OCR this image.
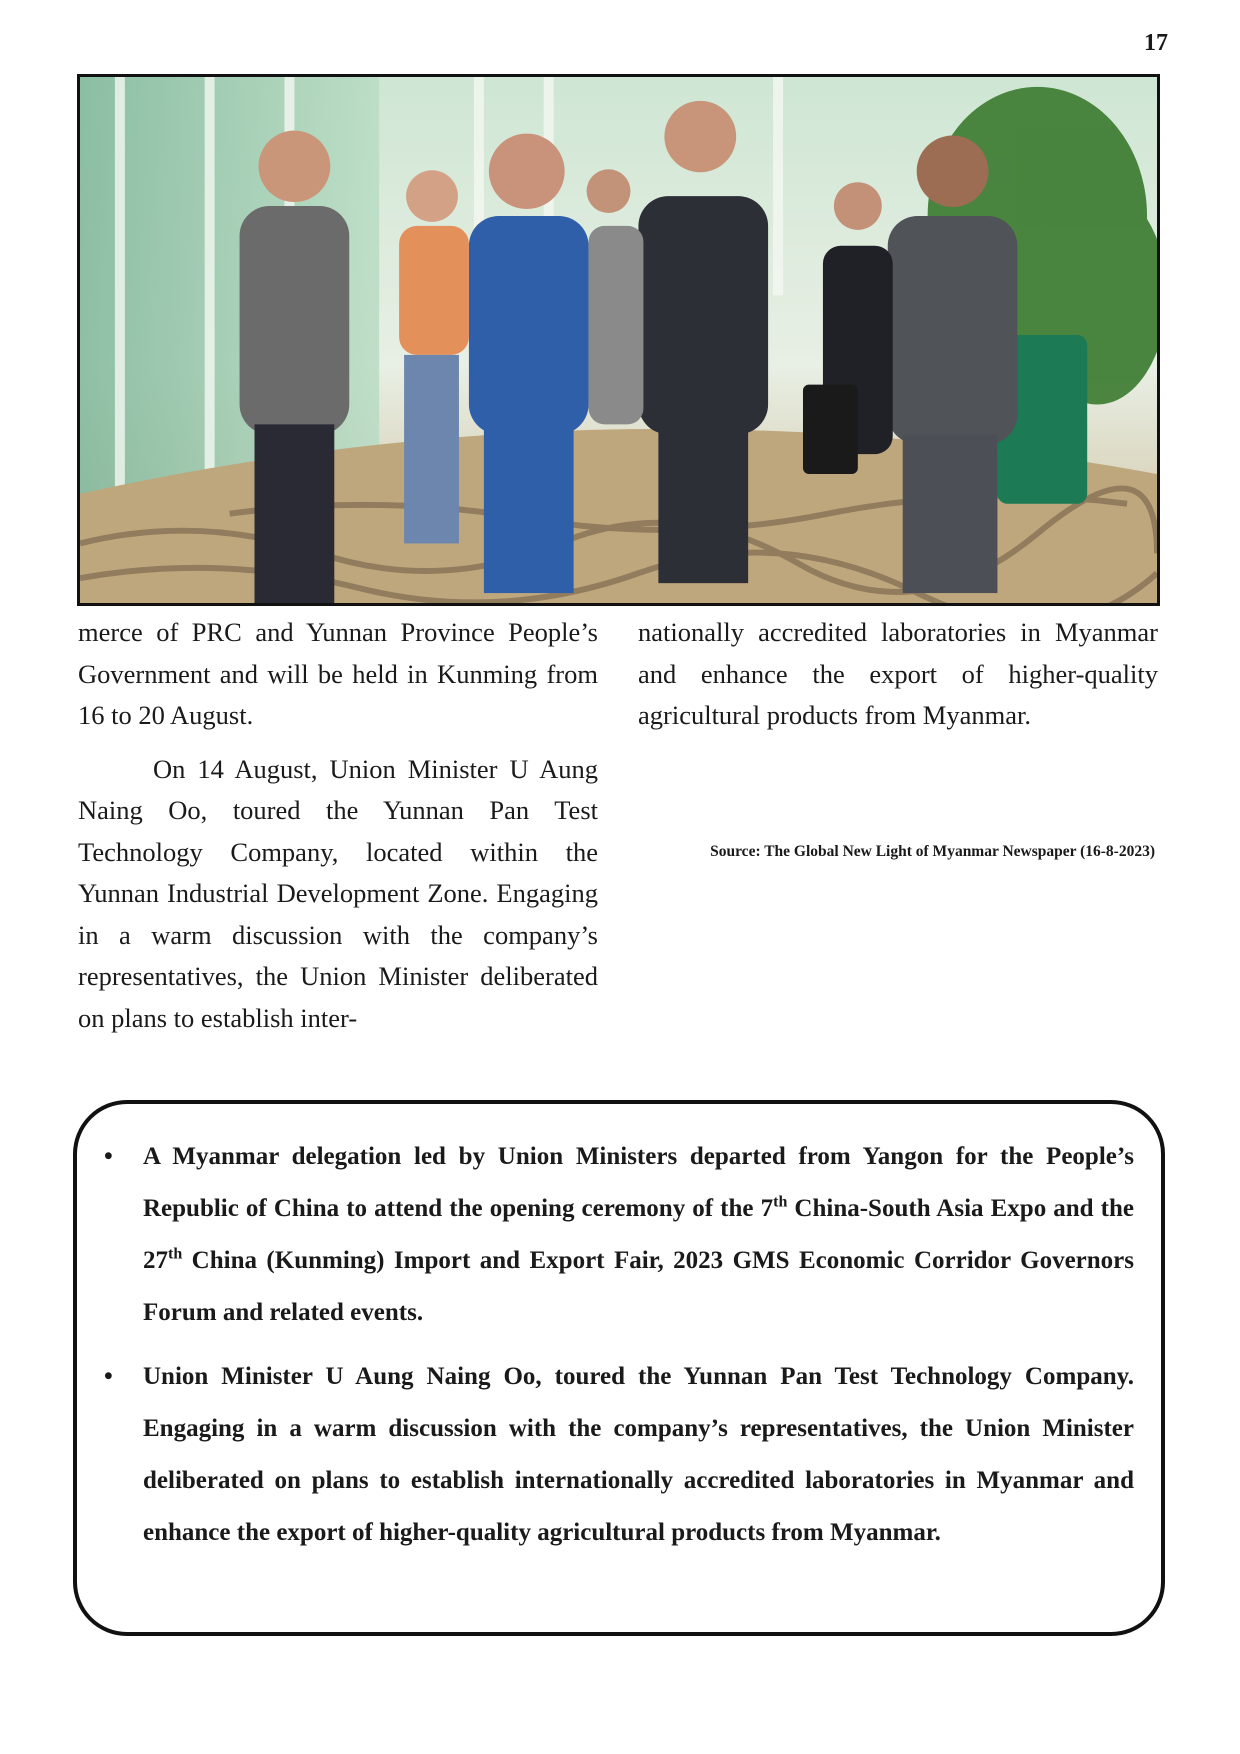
17

merce of PRC and Yunnan Province People’s Government and will be held in Kunming from 16 to 20 August.

On 14 August, Union Minister U Aung Naing Oo, toured the Yunnan Pan Test Technology Company, located within the Yunnan Industrial Development Zone. Engaging in a warm discussion with the company’s representatives, the Union Minister deliberated on plans to establish inter-

nationally accredited laboratories in Myanmar and enhance the export of higher-quality agricultural products from Myanmar.

Source: The Global New Light of Myanmar Newspaper (16-8-2023)
• A Myanmar delegation led by Union Ministers departed from Yangon for the People’s Republic of China to attend the opening ceremony of the 7th China-South Asia Expo and the 27th China (Kunming) Import and Export Fair, 2023 GMS Economic Corridor Governors Forum and related events.
• Union Minister U Aung Naing Oo, toured the Yunnan Pan Test Technology Company. Engaging in a warm discussion with the company’s representatives, the Union Minister deliberated on plans to establish internationally accredited laboratories in Myanmar and enhance the export of higher-quality agricultural products from Myanmar.
